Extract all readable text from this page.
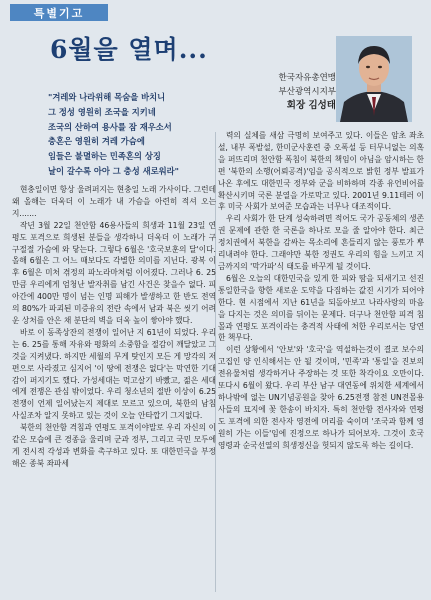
특별기고
6월을 열며...
한국자유총연맹
부산광역시지부
회장 김성태
"겨레와 나라위해 목숨을 바치니
그 정성 영원히 조국을 지키네
조국의 산하여 용사를 잠 재우소서
충혼은 영원히 겨레 가슴에
임들은 불멸하는 민족혼의 상징
날이 갈수록 아아 그 충성 새로워라"

현충일이면 항상 울려퍼지는 현충일 노래 가사이다. 그런데 왜 올해는 더욱더 이 노래가 내 가슴을 아련히 적셔 오는지.......

작년 3월 22일 천안함 46용사들의 희생과 11월 23일 연평도 포격으로 희생된 분들을 생각하니 더욱더 이 노래가 구구절절 가슴에 와 닿는다. 그렇다 6월은 '호국보훈의 달'이다. 올해 6월은 그 어느 때보다도 각별한 의미를 지닌다. 광복 이후 6월은 미처 겪정의 파노라마처럼 이어졌다. 그러나 6. 25만큼 우리에게 엄청난 발자취를 남긴 사건은 찾을수 없다. 피아간에 400만 명이 넘는 인명 피해가 발생하고 한 반도 전역의 80%가 파괴된 미증유의 전란 속에서 남과 북은 씻기 어려운 상처를 안은 채 분단의 벽을 더욱 높이 쌓아야 했다.

바로 이 동족상잔의 전쟁이 일어난 지 61년이 되었다. 우리는 6. 25를 통해 자유와 평화의 소중함을 절감이 깨달았고 그것을 지켜냈다. 하지만 세월의 무게 탓인지 모든 게 망각의 저편으로 사라졌고 심지어 '이 땅에 전쟁은 없다'는 막연한 기대감이 퍼지기도 했다. 가성세대는 먹고살기 바빴고, 젊은 세대에게 전쟁은 관심 밖이었다. 우리 청소년의 절반 이상이 6.25전쟁이 언제 일어났는지 제대로 모르고 있으며, 북한의 남침 사실조차 알지 못하고 있는 것이 오늘 안타깝기 그지없다.

북한의 천안함 격침과 연평도 포격이야말로 우리 자신의 이 같은 모습에 큰 경종을 울리며 군과 정부, 그리고 국민 모두에게 전시적 각성과 변화를 촉구하고 있다. 또 대한민국을 부정해온 종북 좌파세

력의 실체를 새삼 극명히 보여주고 있다. 이들은 암초 좌초설, 내부 폭발설, 한미군사훈련 중 오폭설 등 터무니없는 의혹을 퍼뜨리며 천안함 폭침이 북한의 책임이 아님을 암시하는 한편 '북한의 소행(어뢰공격)'임을 공식적으로 밝힌 정부 발표가 나온 후에도 대한민국 정부와 군을 비하하며 각종 유언비어를 확산시키며 국론 분열을 가로막고 있다. 2001년 9.11테러 이후 미국 사회가 보여준 모습과는 너무나 대조적이다.

우리 사회가 한 단계 성숙하려면 적어도 국가 공동체의 생존권 문제에 관한 한 국론을 하나로 모을 줄 알아야 한다. 최근 정치권에서 북한을 감싸는 목소리에 흔들리지 않는 풍토가 뿌리내려야 한다. 그래야만 북한 정권도 우리의 힘을 느끼고 지금까지의 '막가파'식 태도를 바꾸게 될 것이다.

6월은 오늘의 대한민국을 있게 한 피와 땀을 되새기고 선진 통일한국을 향한 새로운 도약을 다짐하는 값진 시기가 되어야 한다. 현 시점에서 지난 61년을 되돌아보고 나라사랑의 마음을 다지는 것은 의미를 뒤이는 문제다. 더구나 천안함 피격 침몰과 연평도 포격이라는 충격적 사태에 처한 우리로서는 당연한 책무다.

이런 상황에서 '안보'와 '호국'을 역설하는것이 결코 보수의 고집인 양 인식해서는 안 될 것이며, '민족'과 '통일'을 진보의 전유물처럼 생각하거나 주장하는 것 또한 착각이요 오만이다. 또다시 6월이 왔다. 우리 부산 남구 대연동에 위치한 세계에서 하나밖에 없는 UN기념공원을 찾아 6.25전쟁 참전 UN전몰용사들의 묘지에 꽃 한송이 바치자. 특히 천안함 전사자와 연평도 포격에 의한 전사자 영전에 머리를 숙이며 '조국과 함께 영원히 가는 이들'임에 진정으로 하나가 되어보자. 그것이 호국영령과 순국선열의 희생정신을 헛되지 않도록 하는 길이다.
